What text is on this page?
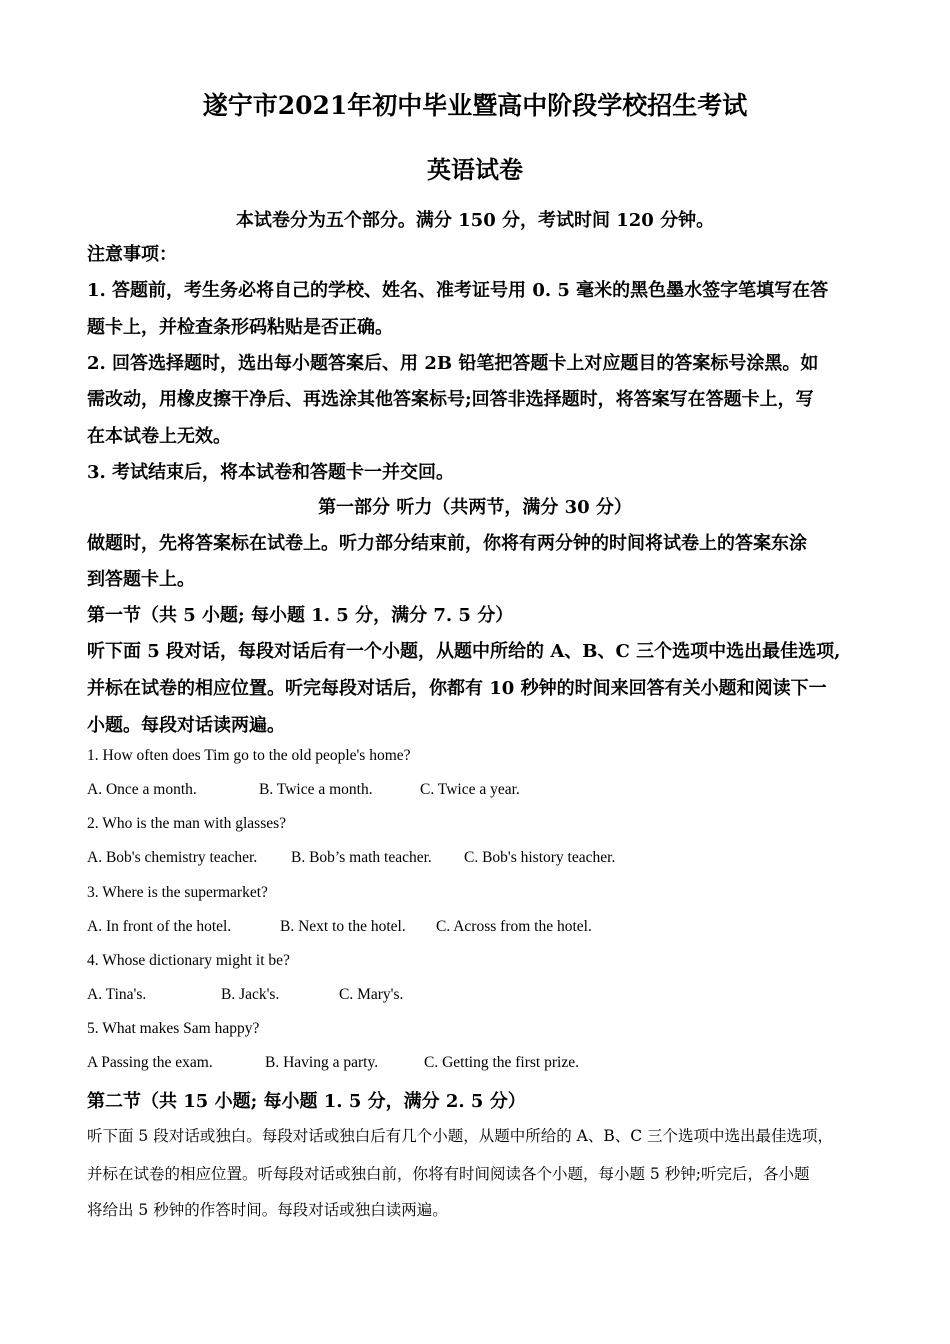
遂宁市2021年初中毕业暨高中阶段学校招生考试
英语试卷
本试卷分为五个部分。满分 150 分，考试时间 120 分钟。
注意事项：
1. 答题前，考生务必将自己的学校、姓名、准考证号用 0. 5 毫米的黑色墨水签字笔填写在答
题卡上，并检查条形码粘贴是否正确。
2. 回答选择题时，选出每小题答案后、用 2B 铅笔把答题卡上对应题目的答案标号涂黑。如
需改动，用橡皮擦干净后、再选涂其他答案标号;回答非选择题时，将答案写在答题卡上，写
在本试卷上无效。
3. 考试结束后，将本试卷和答题卡一并交回。
第一部分 听力（共两节，满分 30 分）
做题时，先将答案标在试卷上。听力部分结束前，你将有两分钟的时间将试卷上的答案东涂
到答题卡上。
第一节（共 5 小题; 每小题 1. 5 分，满分 7. 5 分）
听下面 5 段对话，每段对话后有一个小题，从题中所给的 A、B、C 三个选项中选出最佳选项,
并标在试卷的相应位置。听完每段对话后，你都有 10 秒钟的时间来回答有关小题和阅读下一
小题。每段对话读两遍。
1. How often does Tim go to the old people's home?
A. Once a month.	B. Twice a month.	C. Twice a year.
2. Who is the man with glasses?
A. Bob's chemistry teacher. B. Bob’s math teacher. C. Bob's history teacher.
3. Where is the supermarket?
A. In front of the hotel.	B. Next to the hotel. C. Across from the hotel.
4. Whose dictionary might it be?
A. Tina's.	B. Jack's.	C. Mary's.
5. What makes Sam happy?
A Passing the exam.	B. Having a party.	C. Getting the first prize.
第二节（共 15 小题; 每小题 1. 5 分，满分 2. 5 分）
听下面 5 段对话或独白。每段对话或独白后有几个小题，从题中所给的 A、B、C 三个选项中选出最佳选项，
并标在试卷的相应位置。听每段对话或独白前，你将有时间阅读各个小题，每小题 5 秒钟;听完后，各小题
将给出 5 秒钟的作答时间。每段对话或独白读两遍。
